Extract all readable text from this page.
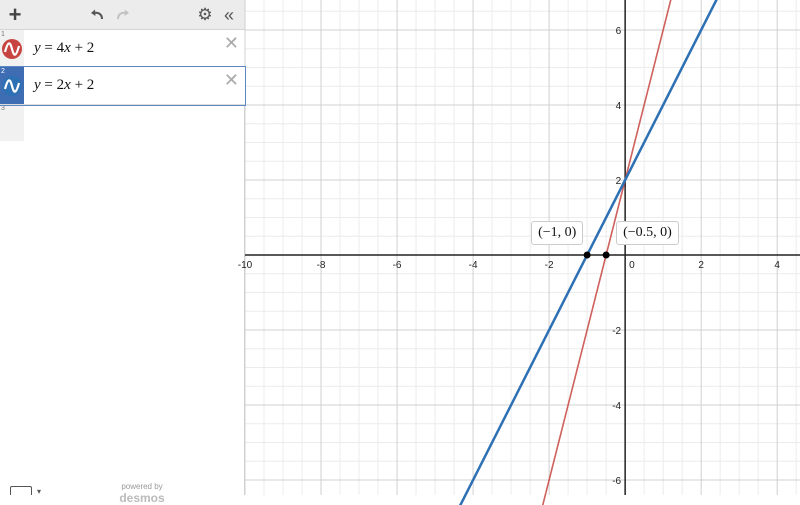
+	⚙ «
1
y = 4x + 2	✕
2
y = 2x + 2	✕
3
▾
powered by
desmos
-10	-8	-6	-4	-2	0	2	4
6
4
2
-2
-4
-6
(−1, 0)	(−0.5, 0)
